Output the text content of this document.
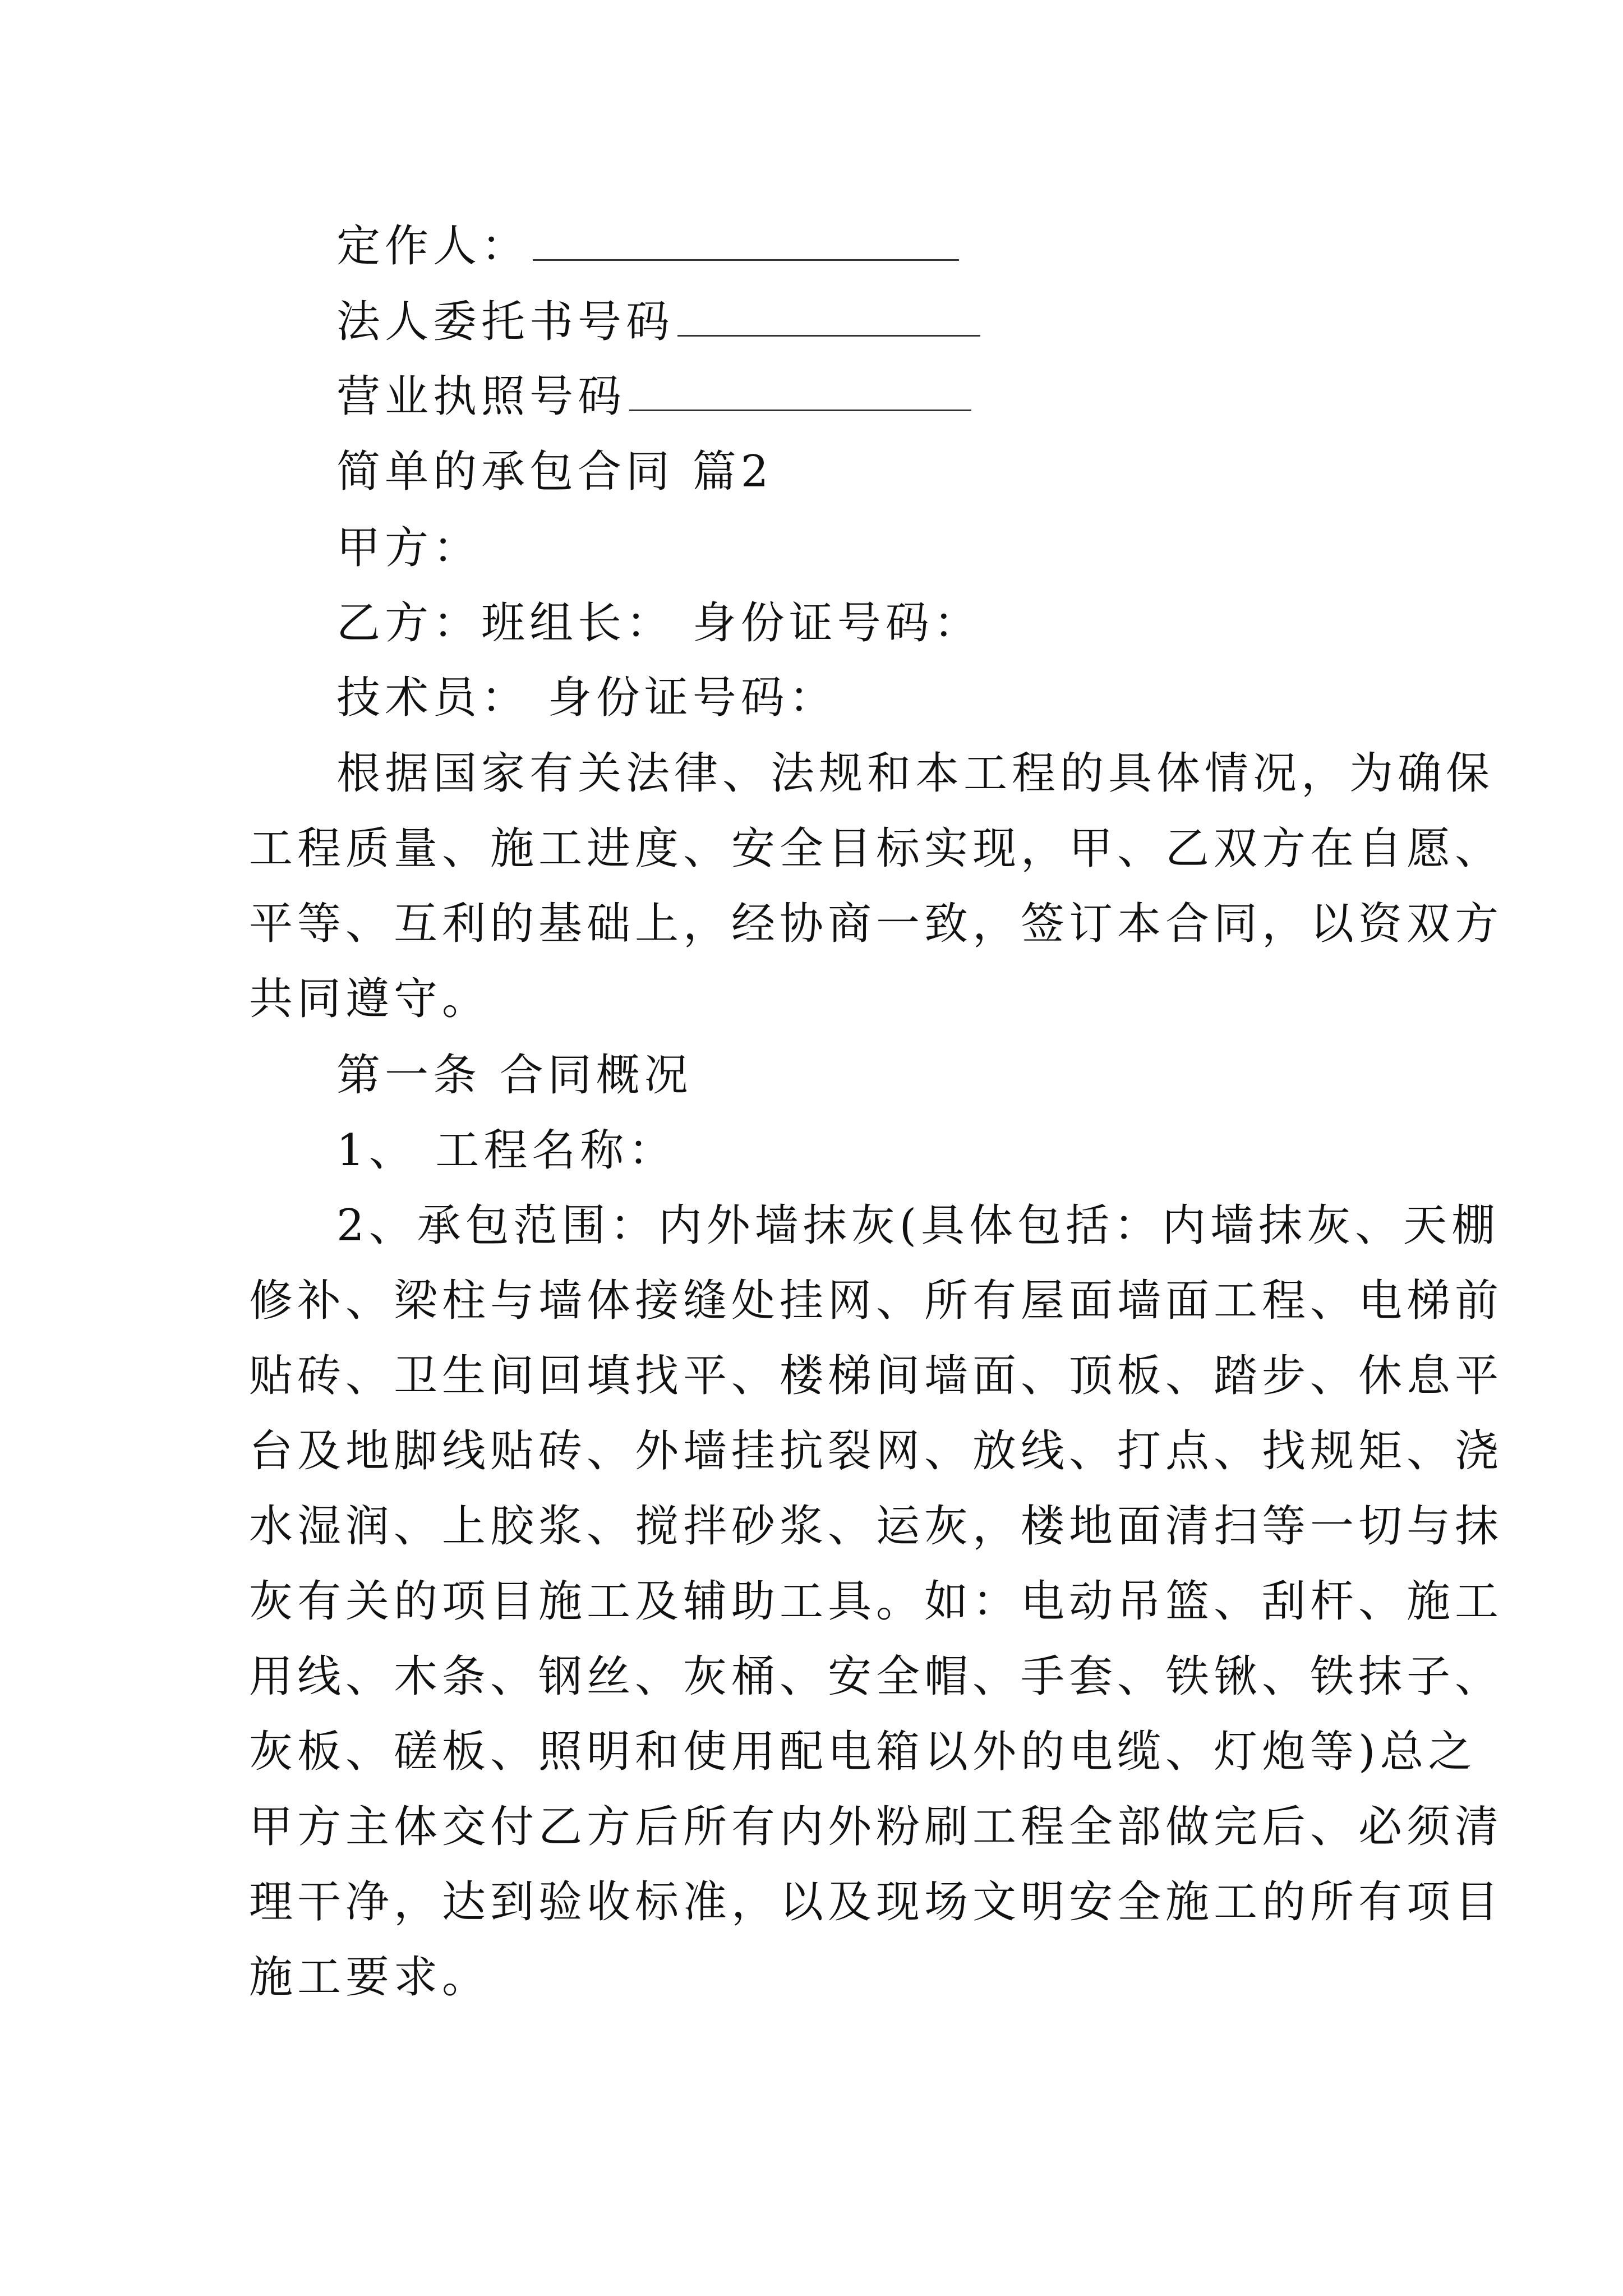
定作人：
法人委托书号码
营业执照号码
简单的承包合同 篇2
甲方：
乙方：班组长： 身份证号码：
技术员： 身份证号码：
根据国家有关法律、法规和本工程的具体情况，为确保
工程质量、施工进度、安全目标实现，甲、乙双方在自愿、
平等、互利的基础上，经协商一致，签订本合同，以资双方
共同遵守。
第一条 合同概况
1、 工程名称：
2、承包范围：内外墙抹灰(具体包括：内墙抹灰、天棚
修补、梁柱与墙体接缝处挂网、所有屋面墙面工程、电梯前
贴砖、卫生间回填找平、楼梯间墙面、顶板、踏步、休息平
台及地脚线贴砖、外墙挂抗裂网、放线、打点、找规矩、浇
水湿润、上胶浆、搅拌砂浆、运灰，楼地面清扫等一切与抹
灰有关的项目施工及辅助工具。如：电动吊篮、刮杆、施工
用线、木条、钢丝、灰桶、安全帽、手套、铁锹、铁抹子、
灰板、磋板、照明和使用配电箱以外的电缆、灯炮等)总之
甲方主体交付乙方后所有内外粉刷工程全部做完后、必须清
理干净，达到验收标准，以及现场文明安全施工的所有项目
施工要求。
